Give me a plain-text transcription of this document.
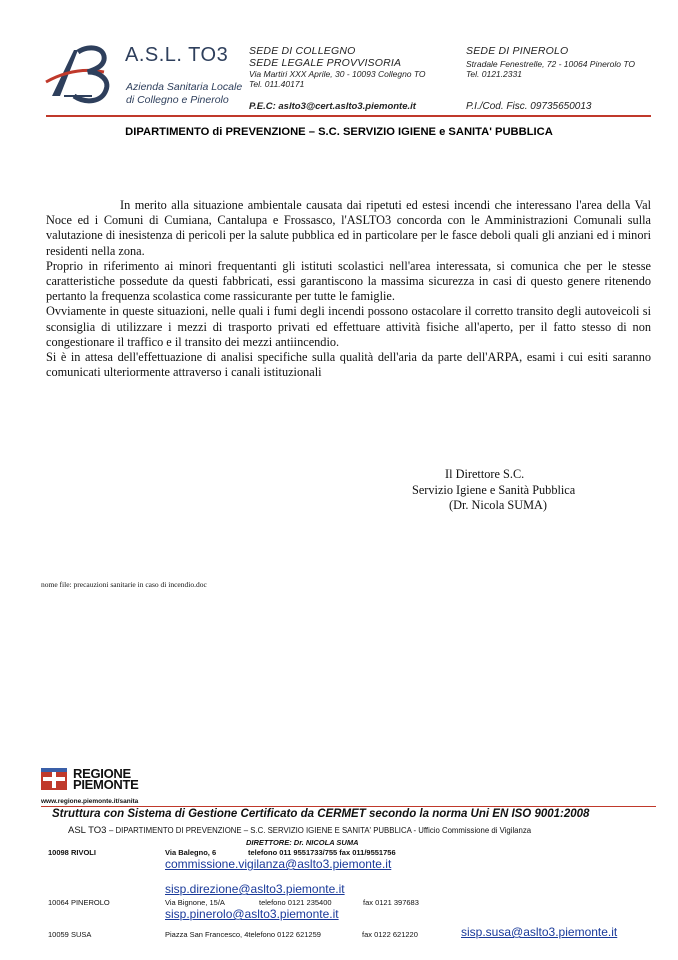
A.S.L. TO3
Azienda Sanitaria Locale
di Collegno e Pinerolo
SEDE DI COLLEGNO
SEDE LEGALE PROVVISORIA
Via Martiri XXX Aprile, 30 - 10093 Collegno TO
Tel. 011.40171
SEDE DI PINEROLO
Stradale Fenestrelle, 72 - 10064 Pinerolo TO
Tel. 0121.2331
P.E.C: aslto3@cert.aslto3.piemonte.it	P.I./Cod. Fisc. 09735650013
DIPARTIMENTO di PREVENZIONE – S.C. SERVIZIO IGIENE e SANITA' PUBBLICA

In merito alla situazione ambientale causata dai ripetuti ed estesi incendi che interessano l'area della Val Noce ed i Comuni di Cumiana, Cantalupa e Frossasco, l'ASLTO3 concorda con le Amministrazioni Comunali sulla valutazione di inesistenza di pericoli per la salute pubblica ed in particolare per le fasce deboli quali gli anziani ed i minori residenti nella zona.

Proprio in riferimento ai minori frequentanti gli istituti scolastici nell'area interessata, si comunica che per le stesse caratteristiche possedute da questi fabbricati, essi garantiscono la massima sicurezza in casi di questo genere ritenendo pertanto la frequenza scolastica come rassicurante per tutte le famiglie.

Ovviamente in queste situazioni, nelle quali i fumi degli incendi possono ostacolare il corretto transito degli autoveicoli si sconsiglia di utilizzare i mezzi di trasporto privati ed effettuare attività fisiche all'aperto, per il fatto stesso di non congestionare il traffico e il transito dei mezzi antiincendio.

Si è in attesa dell'effettuazione di analisi specifiche sulla qualità dell'aria da parte dell'ARPA, esami i cui esiti saranno comunicati ulteriormente attraverso i canali istituzionali

Il Direttore S.C.
Servizio Igiene e Sanità Pubblica
(Dr. Nicola SUMA)
nome file: precauzioni sanitarie in caso di incendio.doc

REGIONE
PIEMONTE
www.regione.piemonte.it/sanita
Struttura con Sistema di Gestione Certificato da CERMET secondo la norma Uni EN ISO 9001:2008
ASL TO3 – DIPARTIMENTO DI PREVENZIONE – S.C. SERVIZIO IGIENE E SANITA' PUBBLICA - Ufficio Commissione di Vigilanza
DIRETTORE: Dr. NICOLA SUMA
10098 RIVOLI	Via Balegno, 6	telefono 011 9551733/755 fax 011/9551756
commissione.vigilanza@aslto3.piemonte.it
sisp.direzione@aslto3.piemonte.it
10064 PINEROLO	Via Bignone, 15/A	telefono 0121 235400	fax 0121 397683
sisp.pinerolo@aslto3.piemonte.it
10059 SUSA	Piazza San Francesco, 4telefono 0122 621259	fax 0122 621220	sisp.susa@aslto3.piemonte.it
